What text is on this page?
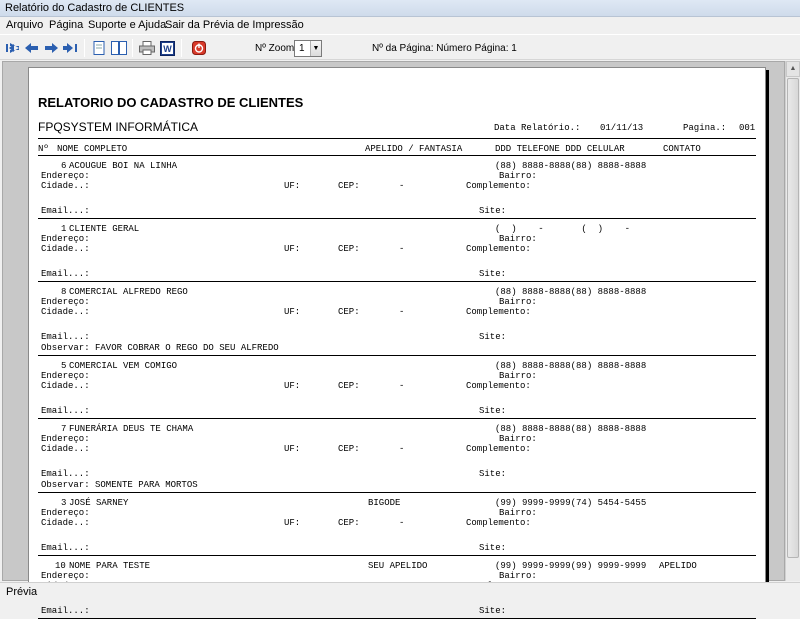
Relatório do Cadastro de CLIENTES
Arquivo Página Suporte e Ajuda
Sair da Prévia de Impressão
W	Nº Zoom 1	▼	Nº da Página: Número Página: 1
RELATORIO DO CADASTRO DE CLIENTES
FPQSYSTEM INFORMÁTICA	Data Relatório.: 01/11/13	Pagina.: 001
Nº NOME COMPLETO	APELIDO / FANTASIA	DDD TELEFONE DDD CELULAR	CONTATO
6 ACOUGUE BOI NA LINHA	(88) 8888-8888(88) 8888-8888
Endereço:	Bairro:
Cidade..:	UF:	CEP:	-	Complemento:
Email...:	Site:
1 CLIENTE GERAL	(  )    -       (  )    -
Endereço:	Bairro:
Cidade..:	UF:	CEP:	-	Complemento:
Email...:	Site:
8 COMERCIAL ALFREDO REGO	(88) 8888-8888(88) 8888-8888
Endereço:	Bairro:
Cidade..:	UF:	CEP:	-	Complemento:
Email...:	Site:
Observar: FAVOR COBRAR O REGO DO SEU ALFREDO
5 COMERCIAL VEM COMIGO	(88) 8888-8888(88) 8888-8888
Endereço:	Bairro:
Cidade..:	UF:	CEP:	-	Complemento:
Email...:	Site:
7 FUNERÁRIA DEUS TE CHAMA	(88) 8888-8888(88) 8888-8888
Endereço:	Bairro:
Cidade..:	UF:	CEP:	-	Complemento:
Email...:	Site:
Observar: SOMENTE PARA MORTOS
3 JOSÉ SARNEY	BIGODE	(99) 9999-9999(74) 5454-5455
Endereço:	Bairro:
Cidade..:	UF:	CEP:	-	Complemento:
Email...:	Site:
10 NOME PARA TESTE	SEU APELIDO	(99) 9999-9999(99) 9999-9999 APELIDO
Endereço:	Bairro:
Email...:	Site:
▲
Prévia
